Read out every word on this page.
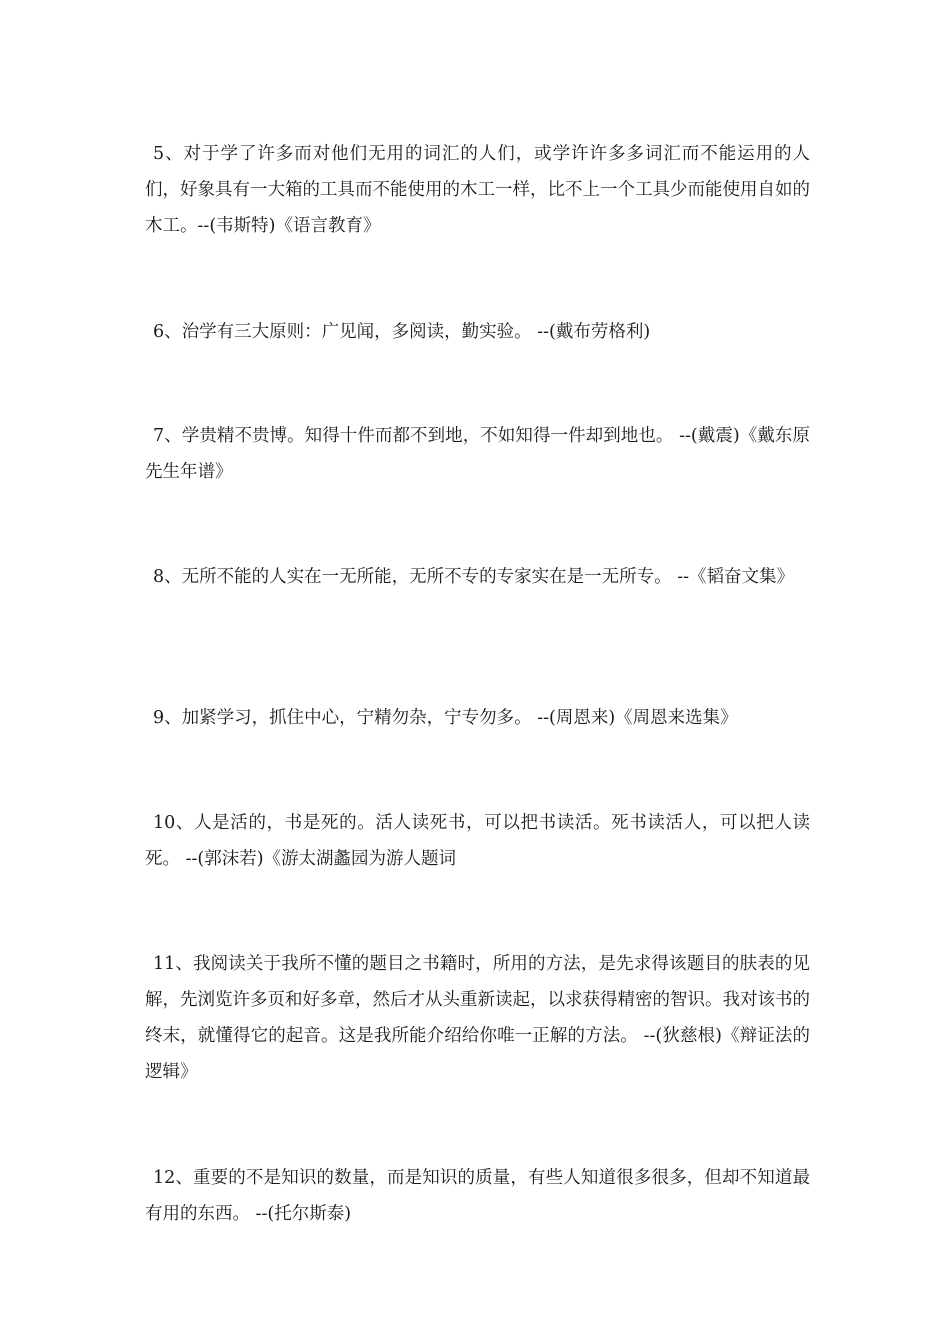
5、对于学了许多而对他们无用的词汇的人们，或学许许多多词汇而不能运用的人们，好象具有一大箱的工具而不能使用的木工一样，比不上一个工具少而能使用自如的木工。--(韦斯特)《语言教育》

6、治学有三大原则：广见闻，多阅读，勤实验。 --(戴布劳格利)

7、学贵精不贵博。知得十件而都不到地，不如知得一件却到地也。 --(戴震)《戴东原先生年谱》

8、无所不能的人实在一无所能，无所不专的专家实在是一无所专。 --《韬奋文集》

9、加紧学习，抓住中心，宁精勿杂，宁专勿多。 --(周恩来)《周恩来选集》

10、人是活的，书是死的。活人读死书，可以把书读活。死书读活人，可以把人读死。 --(郭沫若)《游太湖蠡园为游人题词

11、我阅读关于我所不懂的题目之书籍时，所用的方法，是先求得该题目的肤表的见解，先浏览许多页和好多章，然后才从头重新读起，以求获得精密的智识。我对该书的终末，就懂得它的起音。这是我所能介绍给你唯一正解的方法。 --(狄慈根)《辩证法的逻辑》

12、重要的不是知识的数量，而是知识的质量，有些人知道很多很多，但却不知道最有用的东西。 --(托尔斯泰)
